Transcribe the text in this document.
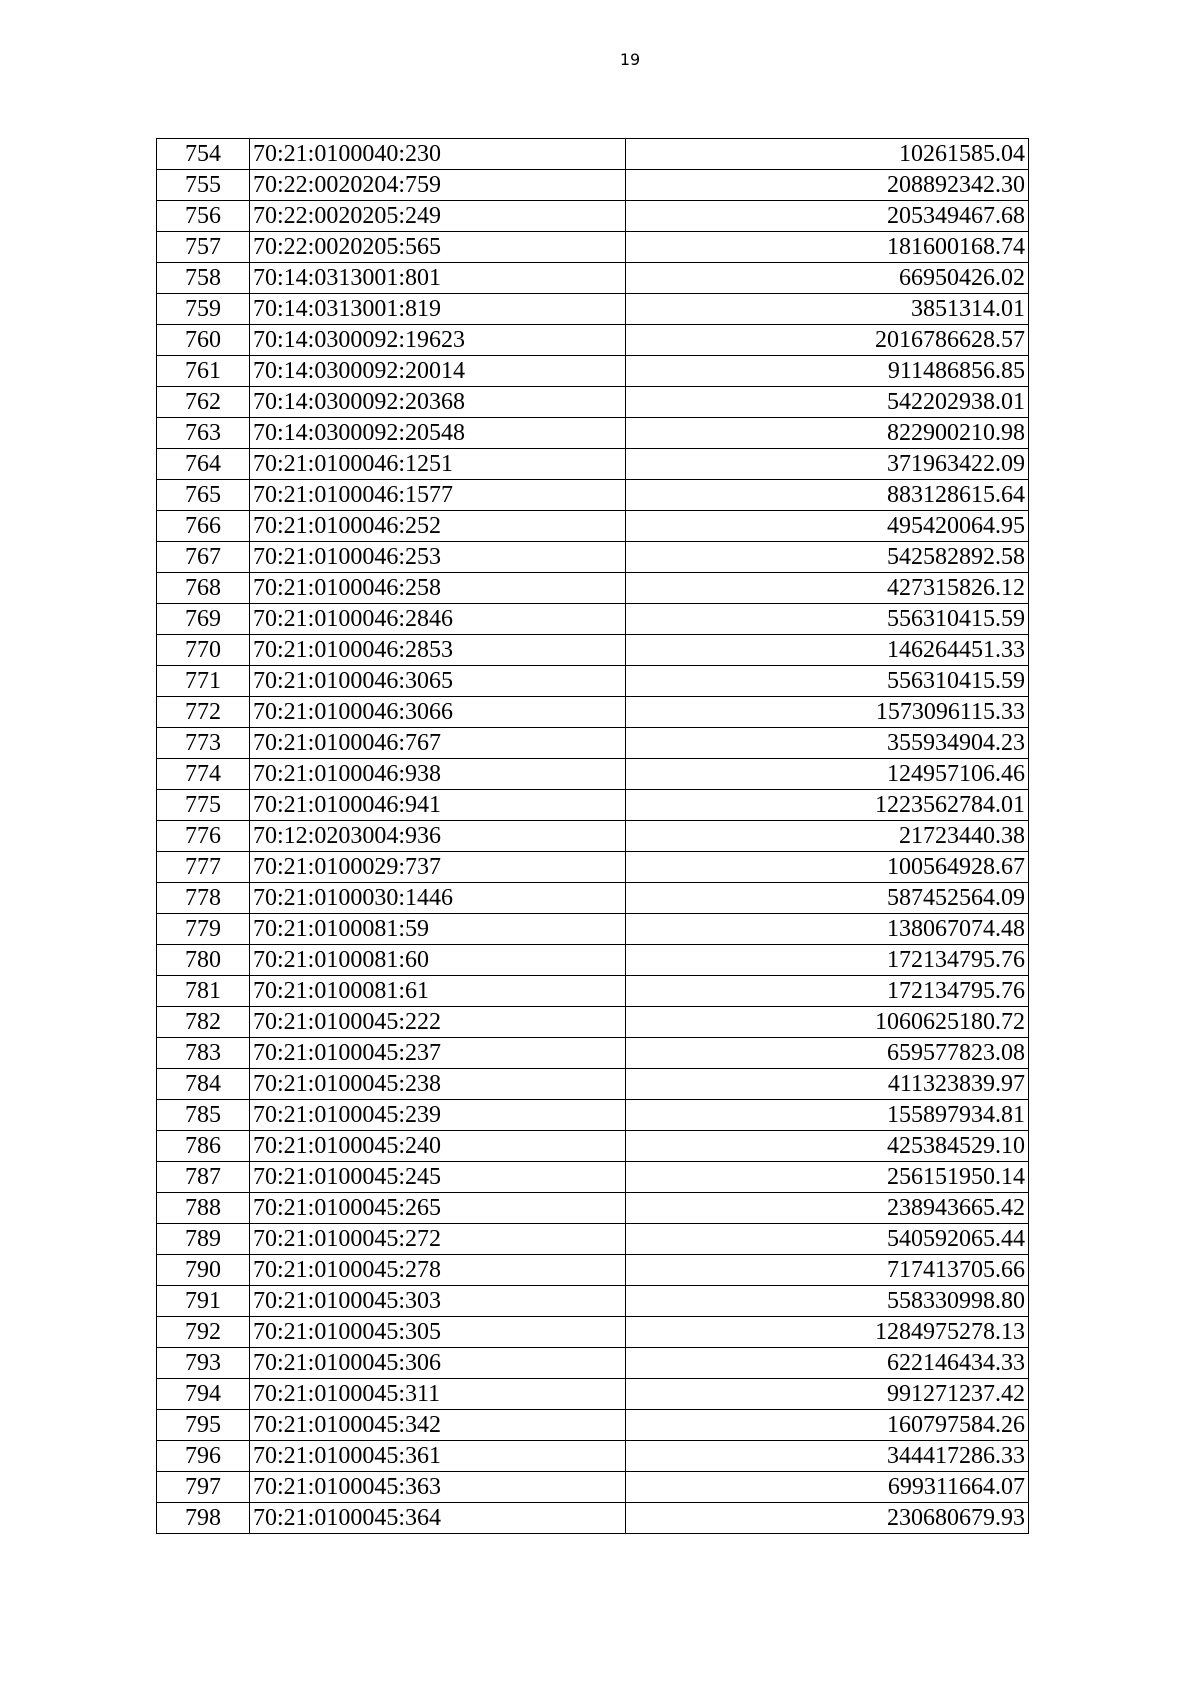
19
754	70:21:0100040:230	10261585.04
755	70:22:0020204:759	208892342.30
756	70:22:0020205:249	205349467.68
757	70:22:0020205:565	181600168.74
758	70:14:0313001:801	66950426.02
759	70:14:0313001:819	3851314.01
760	70:14:0300092:19623	2016786628.57
761	70:14:0300092:20014	911486856.85
762	70:14:0300092:20368	542202938.01
763	70:14:0300092:20548	822900210.98
764	70:21:0100046:1251	371963422.09
765	70:21:0100046:1577	883128615.64
766	70:21:0100046:252	495420064.95
767	70:21:0100046:253	542582892.58
768	70:21:0100046:258	427315826.12
769	70:21:0100046:2846	556310415.59
770	70:21:0100046:2853	146264451.33
771	70:21:0100046:3065	556310415.59
772	70:21:0100046:3066	1573096115.33
773	70:21:0100046:767	355934904.23
774	70:21:0100046:938	124957106.46
775	70:21:0100046:941	1223562784.01
776	70:12:0203004:936	21723440.38
777	70:21:0100029:737	100564928.67
778	70:21:0100030:1446	587452564.09
779	70:21:0100081:59	138067074.48
780	70:21:0100081:60	172134795.76
781	70:21:0100081:61	172134795.76
782	70:21:0100045:222	1060625180.72
783	70:21:0100045:237	659577823.08
784	70:21:0100045:238	411323839.97
785	70:21:0100045:239	155897934.81
786	70:21:0100045:240	425384529.10
787	70:21:0100045:245	256151950.14
788	70:21:0100045:265	238943665.42
789	70:21:0100045:272	540592065.44
790	70:21:0100045:278	717413705.66
791	70:21:0100045:303	558330998.80
792	70:21:0100045:305	1284975278.13
793	70:21:0100045:306	622146434.33
794	70:21:0100045:311	991271237.42
795	70:21:0100045:342	160797584.26
796	70:21:0100045:361	344417286.33
797	70:21:0100045:363	699311664.07
798	70:21:0100045:364	230680679.93
